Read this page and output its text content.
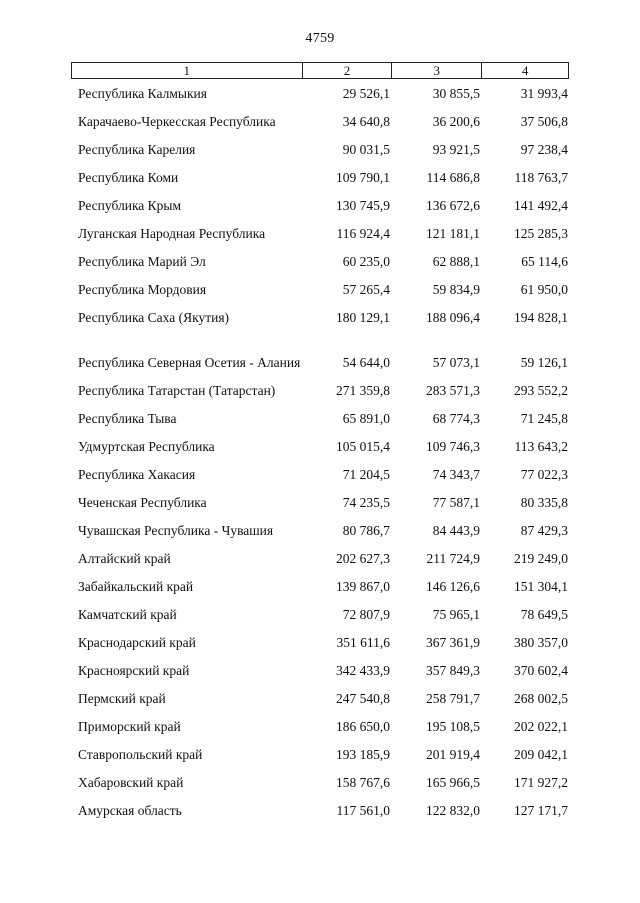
4759
1	2	3	4
Республика Калмыкия	29 526,1	30 855,5	31 993,4
Карачаево-Черкесская Республика	34 640,8	36 200,6	37 506,8
Республика Карелия	90 031,5	93 921,5	97 238,4
Республика Коми	109 790,1	114 686,8	118 763,7
Республика Крым	130 745,9	136 672,6	141 492,4
Луганская Народная Республика	116 924,4	121 181,1	125 285,3
Республика Марий Эл	60 235,0	62 888,1	65 114,6
Республика Мордовия	57 265,4	59 834,9	61 950,0
Республика Саха (Якутия)	180 129,1	188 096,4	194 828,1
Республика Северная Осетия - Алания	54 644,0	57 073,1	59 126,1
Республика Татарстан (Татарстан)	271 359,8	283 571,3	293 552,2
Республика Тыва	65 891,0	68 774,3	71 245,8
Удмуртская Республика	105 015,4	109 746,3	113 643,2
Республика Хакасия	71 204,5	74 343,7	77 022,3
Чеченская Республика	74 235,5	77 587,1	80 335,8
Чувашская Республика - Чувашия	80 786,7	84 443,9	87 429,3
Алтайский край	202 627,3	211 724,9	219 249,0
Забайкальский край	139 867,0	146 126,6	151 304,1
Камчатский край	72 807,9	75 965,1	78 649,5
Краснодарский край	351 611,6	367 361,9	380 357,0
Красноярский край	342 433,9	357 849,3	370 602,4
Пермский край	247 540,8	258 791,7	268 002,5
Приморский край	186 650,0	195 108,5	202 022,1
Ставропольский край	193 185,9	201 919,4	209 042,1
Хабаровский край	158 767,6	165 966,5	171 927,2
Амурская область	117 561,0	122 832,0	127 171,7
